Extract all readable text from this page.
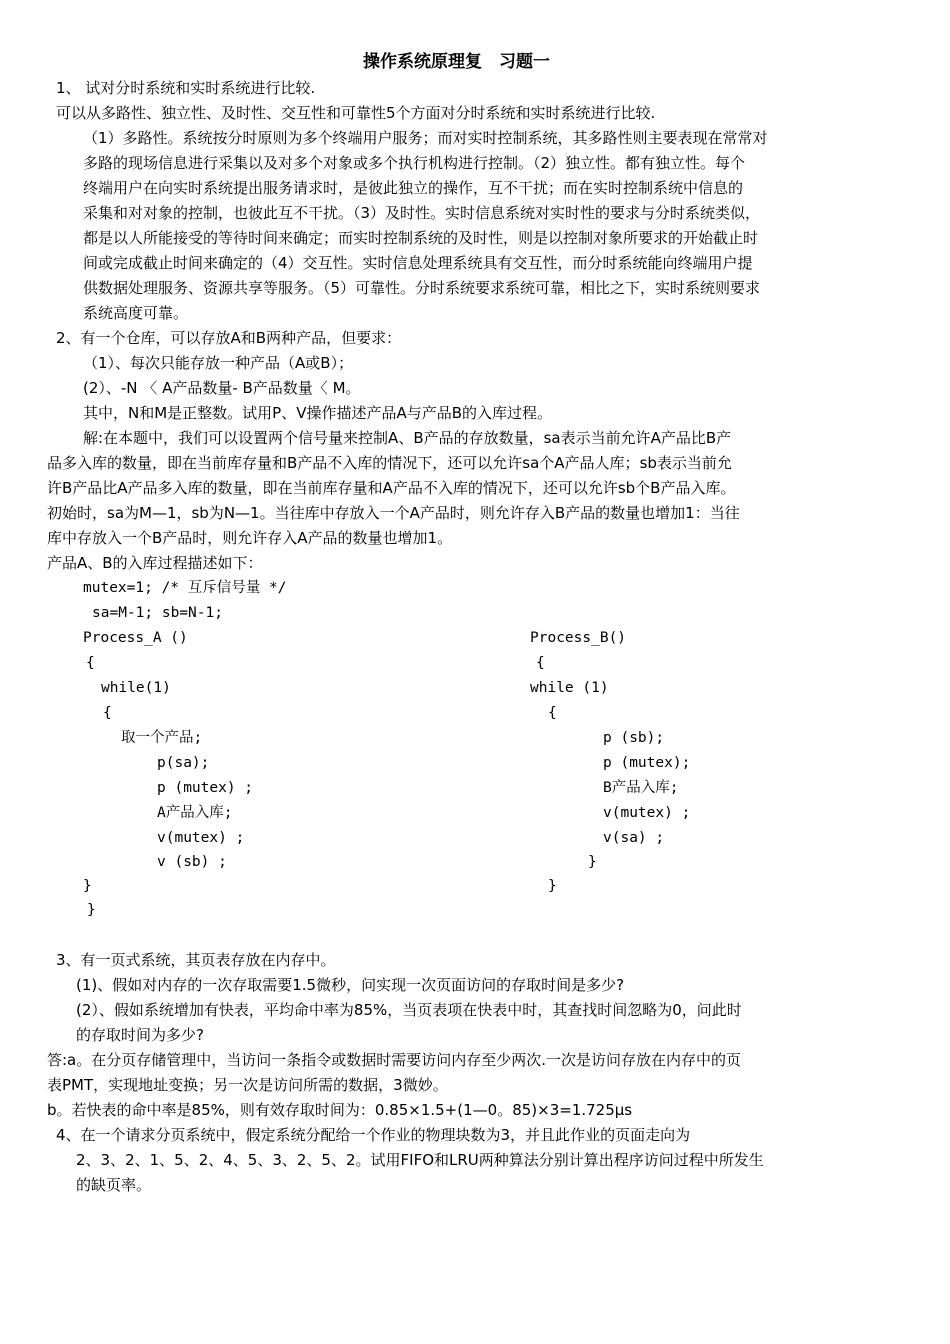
操作系统原理复　习题一
1、 试对分时系统和实时系统进行比较.
可以从多路性、独立性、及时性、交互性和可靠性5个方面对分时系统和实时系统进行比较.
（1）多路性。系统按分时原则为多个终端用户服务；而对实时控制系统，其多路性则主要表现在常常对
多路的现场信息进行采集以及对多个对象或多个执行机构进行控制。（2）独立性。都有独立性。每个
终端用户在向实时系统提出服务请求时，是彼此独立的操作，互不干扰；而在实时控制系统中信息的
采集和对对象的控制，也彼此互不干扰。（3）及时性。实时信息系统对实时性的要求与分时系统类似，
都是以人所能接受的等待时间来确定；而实时控制系统的及时性，则是以控制对象所要求的开始截止时
间或完成截止时间来确定的（4）交互性。实时信息处理系统具有交互性，而分时系统能向终端用户提
供数据处理服务、资源共享等服务。（5）可靠性。分时系统要求系统可靠，相比之下，实时系统则要求
系统高度可靠。
2、有一个仓库，可以存放A和B两种产品，但要求：
（1）、每次只能存放一种产品（A或B）；
(2）、-N 〈 A产品数量- B产品数量〈 M。
其中，N和M是正整数。试用P、V操作描述产品A与产品B的入库过程。
解:在本题中，我们可以设置两个信号量来控制A、B产品的存放数量，sa表示当前允许A产品比B产
品多入库的数量，即在当前库存量和B产品不入库的情况下，还可以允许sa个A产品人库；sb表示当前允
许B产品比A产品多入库的数量，即在当前库存量和A产品不入库的情况下，还可以允许sb个B产品入库。
初始时，sa为M—1，sb为N—1。当往库中存放入一个A产品时，则允许存入B产品的数量也增加1：当往
库中存放入一个B产品时，则允许存入A产品的数量也增加1。
产品A、B的入库过程描述如下：
mutex=1; /* 互斥信号量 */
sa=M-1; sb=N-1;
Process_A ()
{
while(1)
{
取一个产品;
p(sa);
p (mutex) ;
A产品入库;
v(mutex) ;
v (sb) ;
}
}
Process_B()
{
while (1)
{
p (sb);
p (mutex);
B产品入库;
v(mutex) ;
v(sa) ;
}
}
3、有一页式系统，其页表存放在内存中。
(1)、假如对内存的一次存取需要1.5微秒，问实现一次页面访问的存取时间是多少?
(2）、假如系统增加有快表，平均命中率为85%，当页表项在快表中时，其查找时间忽略为0，问此时
的存取时间为多少?
答:a。在分页存储管理中，当访问一条指令或数据时需要访问内存至少两次.一次是访问存放在内存中的页
表PMT，实现地址变换；另一次是访问所需的数据，3微妙。
b。若快表的命中率是85%，则有效存取时间为：0.85×1.5+(1—0。85)×3=1.725μs
4、在一个请求分页系统中，假定系统分配给一个作业的物理块数为3，并且此作业的页面走向为
2、3、2、1、5、2、4、5、3、2、5、2。试用FIFO和LRU两种算法分别计算出程序访问过程中所发生
的缺页率。
